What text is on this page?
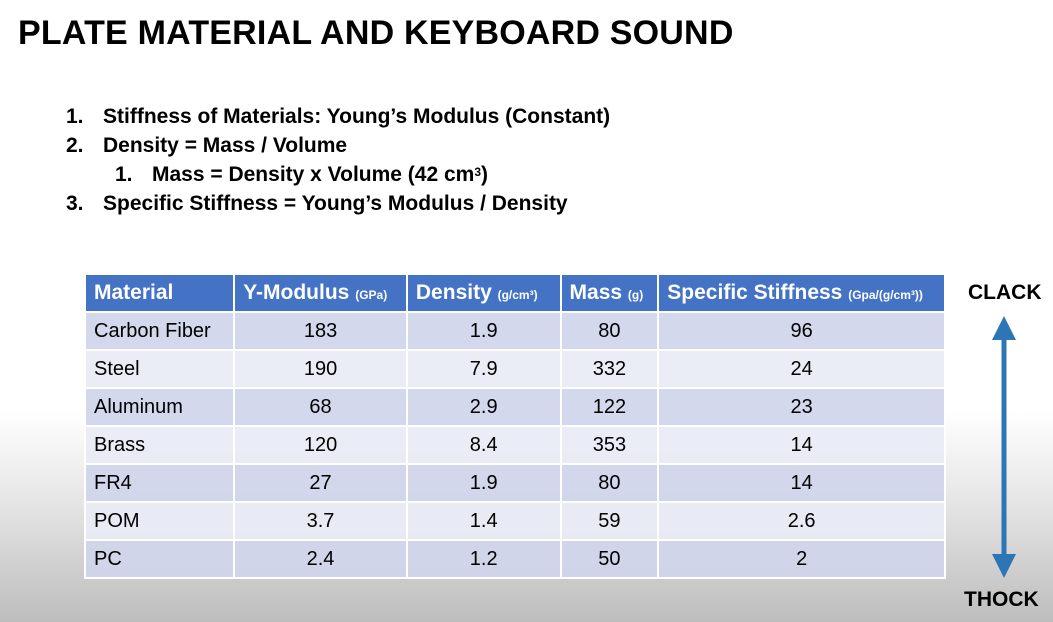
PLATE MATERIAL AND KEYBOARD SOUND
1. Stiffness of Materials: Young’s Modulus (Constant)
2. Density = Mass / Volume
1. Mass = Density x Volume (42 $cm^3$)
3. Specific Stiffness = Young’s Modulus / Density
Material	Y-Modulus (GPa)	Density (g/cm³)	Mass (g)	Specific Stiffness (Gpa/(g/cm³))
Carbon Fiber	183	1.9	80	96
Steel	190	7.9	332	24
Aluminum	68	2.9	122	23
Brass	120	8.4	353	14
FR4	27	1.9	80	14
POM	3.7	1.4	59	2.6
PC	2.4	1.2	50	2
CLACK
THOCK
